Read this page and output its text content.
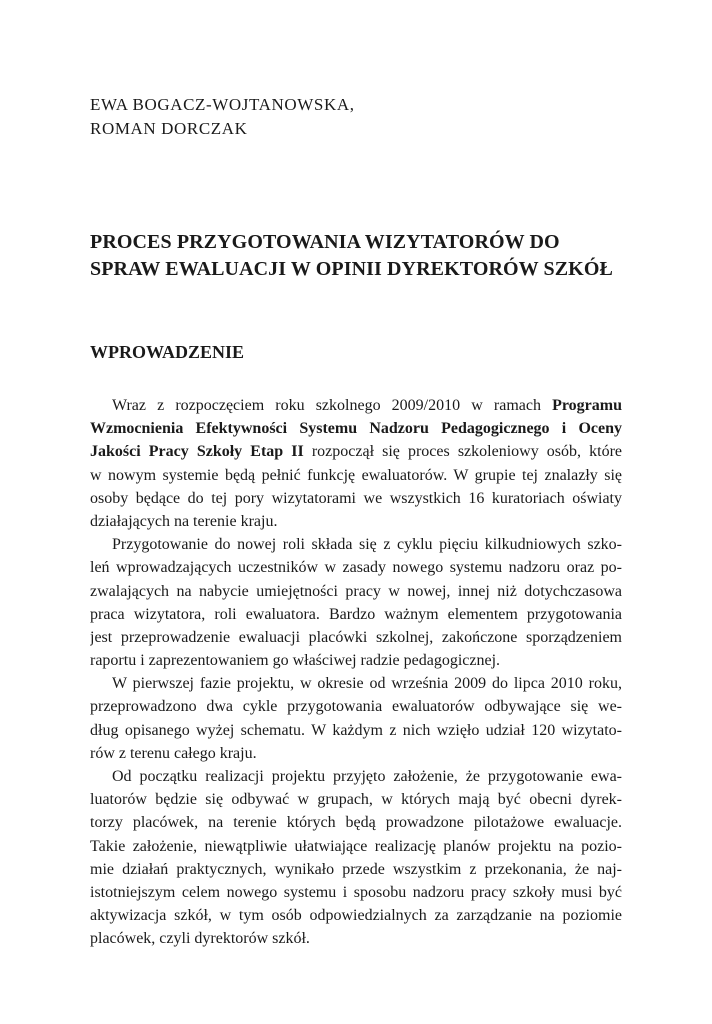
EWA BOGACZ-WOJTANOWSKA,
ROMAN DORCZAK
PROCES PRZYGOTOWANIA WIZYTATORÓW DO
SPRAW EWALUACJI W OPINII DYREKTORÓW SZKÓŁ
WPROWADZENIE
Wraz z rozpoczęciem roku szkolnego 2009/2010 w ramach Programu
Wzmocnienia Efektywności Systemu Nadzoru Pedagogicznego i Oceny
Jakości Pracy Szkoły Etap II rozpoczął się proces szkoleniowy osób, które
w nowym systemie będą pełnić funkcję ewaluatorów. W grupie tej znalazły się
osoby będące do tej pory wizytatorami we wszystkich 16 kuratoriach oświaty
działających na terenie kraju.
Przygotowanie do nowej roli składa się z cyklu pięciu kilkudniowych szko-
leń wprowadzających uczestników w zasady nowego systemu nadzoru oraz po-
zwalających na nabycie umiejętności pracy w nowej, innej niż dotychczasowa
praca wizytatora, roli ewaluatora. Bardzo ważnym elementem przygotowania
jest przeprowadzenie ewaluacji placówki szkolnej, zakończone sporządzeniem
raportu i zaprezentowaniem go właściwej radzie pedagogicznej.
W pierwszej fazie projektu, w okresie od września 2009 do lipca 2010 roku,
przeprowadzono dwa cykle przygotowania ewaluatorów odbywające się we-
dług opisanego wyżej schematu. W każdym z nich wzięło udział 120 wizytato-
rów z terenu całego kraju.
Od początku realizacji projektu przyjęto założenie, że przygotowanie ewa-
luatorów będzie się odbywać w grupach, w których mają być obecni dyrek-
torzy placówek, na terenie których będą prowadzone pilotażowe ewaluacje.
Takie założenie, niewątpliwie ułatwiające realizację planów projektu na pozio-
mie działań praktycznych, wynikało przede wszystkim z przekonania, że naj-
istotniejszym celem nowego systemu i sposobu nadzoru pracy szkoły musi być
aktywizacja szkół, w tym osób odpowiedzialnych za zarządzanie na poziomie
placówek, czyli dyrektorów szkół.
